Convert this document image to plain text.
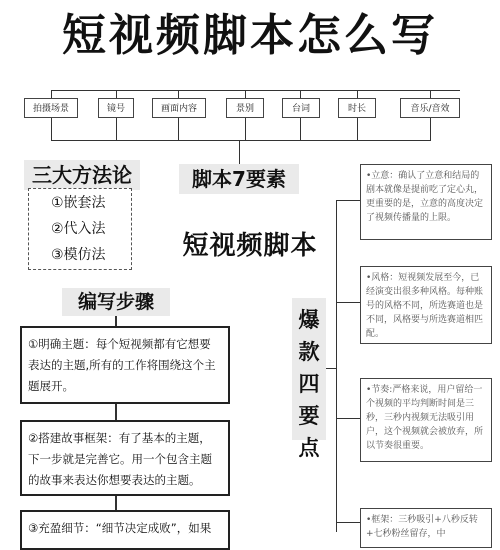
短视频脚本怎么写
拍摄场景	镜号	画面内容	景别	台词	时长	音乐/音效
脚本7要素
三大方法论
①嵌套法
②代入法
③模仿法	短视频脚本
编写步骤
①明确主题：每个短视频都有它想要表达的主题,所有的工作将围绕这个主题展开。
②搭建故事框架：有了基本的主题，下一步就是完善它。用一个包含主题的故事来表达你想要表达的主题。
③充盈细节：“细节决定成败”，如果
爆
款
四
要
点
•立意：确认了立意和结局的剧本就像是提前吃了定心丸，更重要的是，立意的高度决定了视频传播量的上限。
•风格：短视频发展至今，已经演变出很多种风格。每种账号的风格不同，所选赛道也是不同，风格要与所选赛道相匹配。
•节奏:严格来说，用户留给一个视频的平均判断时间是三秒，三秒内视频无法吸引用户，这个视频就会被放弃，所以节奏很重要。
•框架：三秒吸引+八秒反转+七秒粉丝留存，中
